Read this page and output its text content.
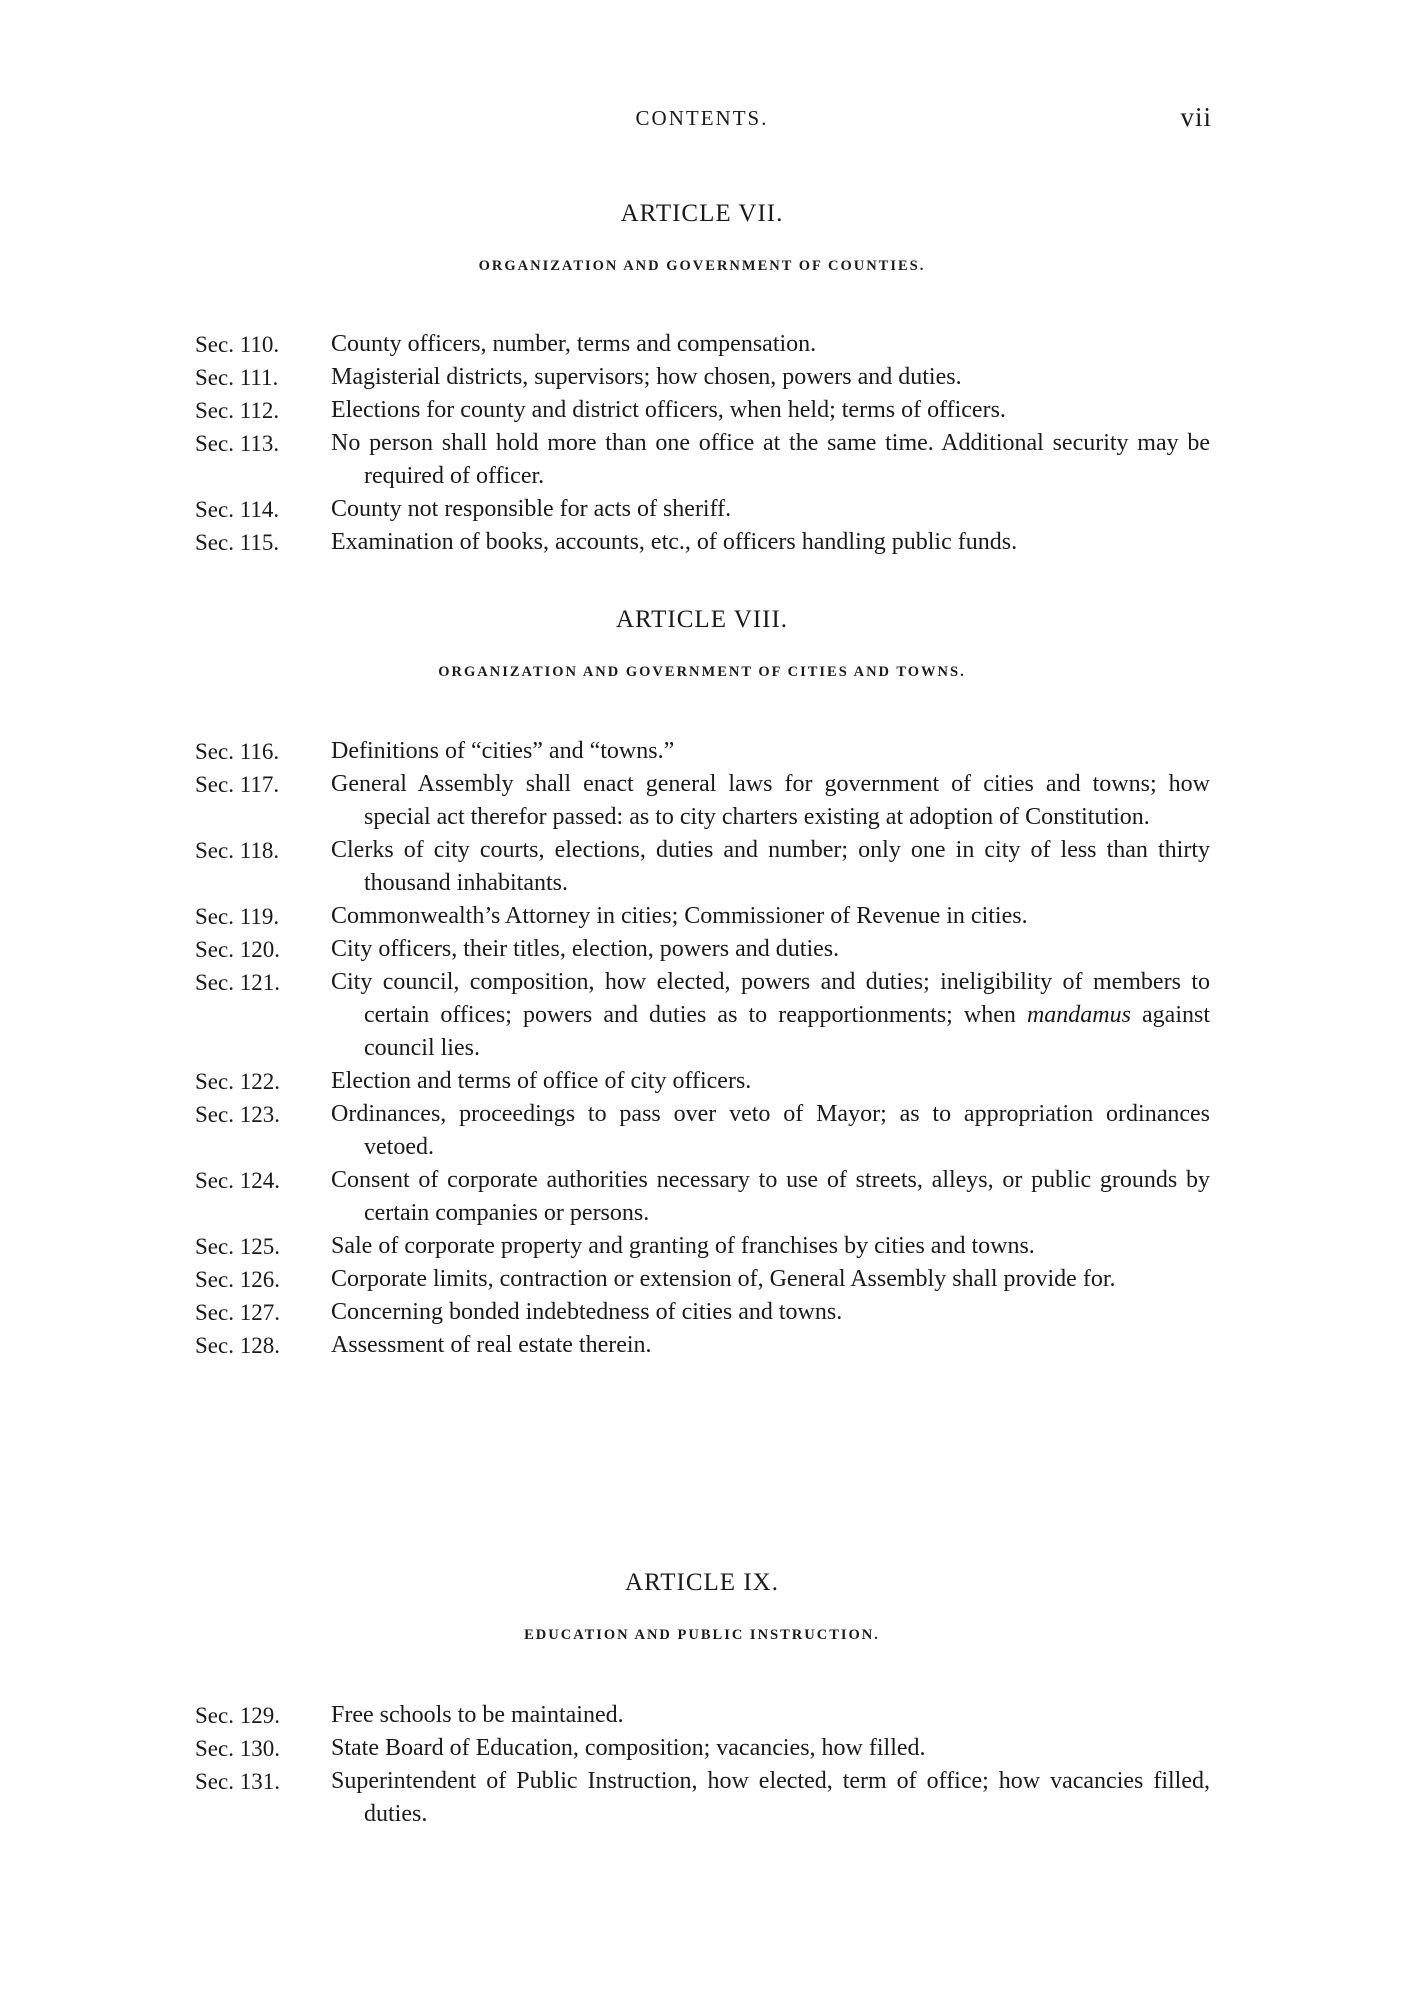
CONTENTS.	vii
ARTICLE VII.
ORGANIZATION AND GOVERNMENT OF COUNTIES.
Sec. 110.	County officers, number, terms and compensation.
Sec. 111.	Magisterial districts, supervisors; how chosen, powers and duties.
Sec. 112.	Elections for county and district officers, when held; terms of officers.
Sec. 113.	No person shall hold more than one office at the same time. Additional security may be required of officer.
Sec. 114.	County not responsible for acts of sheriff.
Sec. 115.	Examination of books, accounts, etc., of officers handling public funds.
ARTICLE VIII.
ORGANIZATION AND GOVERNMENT OF CITIES AND TOWNS.
Sec. 116.	Definitions of “cities” and “towns.”
Sec. 117.	General Assembly shall enact general laws for government of cities and towns; how special act therefor passed: as to city charters existing at adoption of Constitution.
Sec. 118.	Clerks of city courts, elections, duties and number; only one in city of less than thirty thousand inhabitants.
Sec. 119.	Commonwealth’s Attorney in cities; Commissioner of Revenue in cities.
Sec. 120.	City officers, their titles, election, powers and duties.
Sec. 121.	City council, composition, how elected, powers and duties; ineligibility of members to certain offices; powers and duties as to reapportionments; when mandamus against council lies.
Sec. 122.	Election and terms of office of city officers.
Sec. 123.	Ordinances, proceedings to pass over veto of Mayor; as to appropriation ordinances vetoed.
Sec. 124.	Consent of corporate authorities necessary to use of streets, alleys, or public grounds by certain companies or persons.
Sec. 125.	Sale of corporate property and granting of franchises by cities and towns.
Sec. 126.	Corporate limits, contraction or extension of, General Assembly shall provide for.
Sec. 127.	Concerning bonded indebtedness of cities and towns.
Sec. 128.	Assessment of real estate therein.
ARTICLE IX.
EDUCATION AND PUBLIC INSTRUCTION.
Sec. 129.	Free schools to be maintained.
Sec. 130.	State Board of Education, composition; vacancies, how filled.
Sec. 131.	Superintendent of Public Instruction, how elected, term of office; how vacancies filled, duties.
